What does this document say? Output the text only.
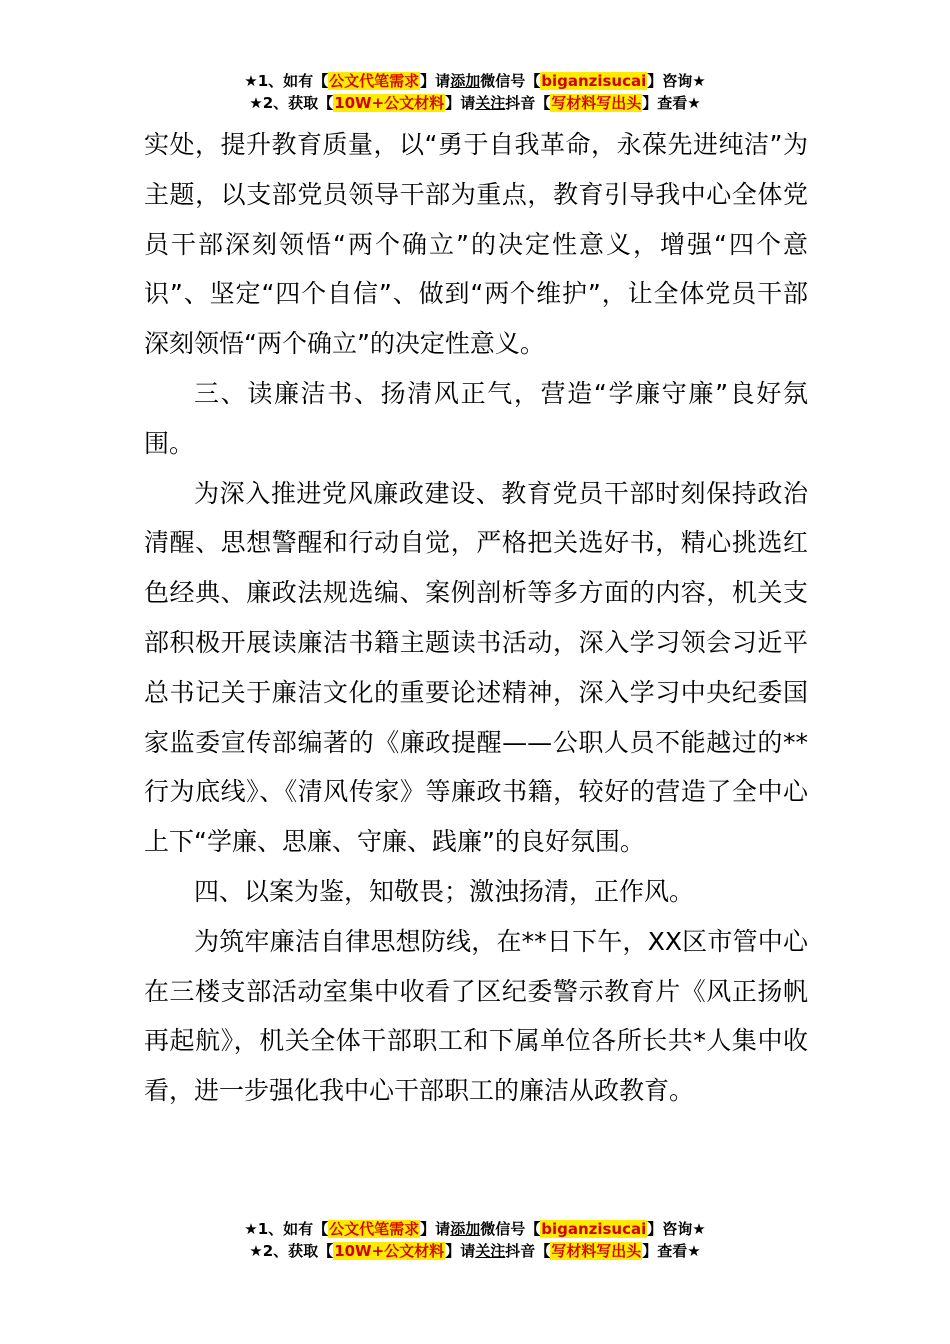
★1、如有【公文代笔需求】请添加微信号【biganzisucai】咨询★
★2、获取【10W+公文材料】请关注抖音【写材料写出头】查看★

实处，提升教育质量，以“勇于自我革命，永葆先进纯洁”为主题，以支部党员领导干部为重点，教育引导我中心全体党员干部深刻领悟“两个确立”的决定性意义，增强“四个意识”、坚定“四个自信”、做到“两个维护”，让全体党员干部深刻领悟“两个确立”的决定性意义。

三、读廉洁书、扬清风正气，营造“学廉守廉”良好氛围。

为深入推进党风廉政建设、教育党员干部时刻保持政治清醒、思想警醒和行动自觉，严格把关选好书，精心挑选红色经典、廉政法规选编、案例剖析等多方面的内容，机关支部积极开展读廉洁书籍主题读书活动，深入学习领会习近平总书记关于廉洁文化的重要论述精神，深入学习中央纪委国家监委宣传部编著的《廉政提醒——公职人员不能越过的**行为底线》、《清风传家》等廉政书籍，较好的营造了全中心上下“学廉、思廉、守廉、践廉”的良好氛围。

四、以案为鉴，知敬畏；激浊扬清，正作风。

为筑牢廉洁自律思想防线，在**日下午，XX区市管中心在三楼支部活动室集中收看了区纪委警示教育片《风正扬帆再起航》，机关全体干部职工和下属单位各所长共*人集中收看，进一步强化我中心干部职工的廉洁从政教育。

★1、如有【公文代笔需求】请添加微信号【biganzisucai】咨询★
★2、获取【10W+公文材料】请关注抖音【写材料写出头】查看★
